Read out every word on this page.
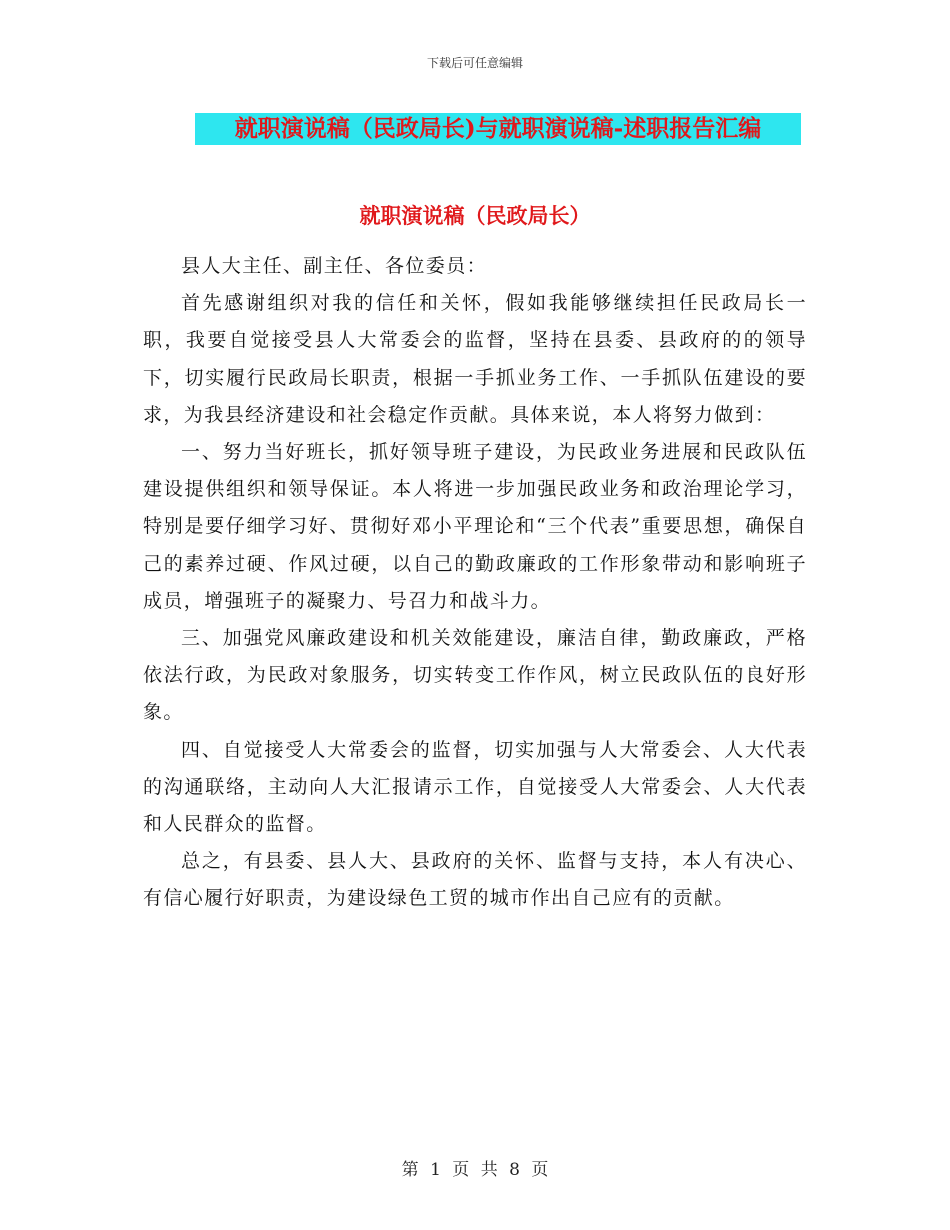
下载后可任意编辑
就职演说稿（民政局长)与就职演说稿-述职报告汇编
就职演说稿（民政局长）

县人大主任、副主任、各位委员：

首先感谢组织对我的信任和关怀，假如我能够继续担任民政局长一职，我要自觉接受县人大常委会的监督，坚持在县委、县政府的的领导下，切实履行民政局长职责，根据一手抓业务工作、一手抓队伍建设的要求，为我县经济建设和社会稳定作贡献。具体来说，本人将努力做到：

一、努力当好班长，抓好领导班子建设，为民政业务进展和民政队伍建设提供组织和领导保证。本人将进一步加强民政业务和政治理论学习，特别是要仔细学习好、贯彻好邓小平理论和“三个代表”重要思想，确保自己的素养过硬、作风过硬，以自己的勤政廉政的工作形象带动和影响班子成员，增强班子的凝聚力、号召力和战斗力。

三、加强党风廉政建设和机关效能建设，廉洁自律，勤政廉政，严格依法行政，为民政对象服务，切实转变工作作风，树立民政队伍的良好形象。

四、自觉接受人大常委会的监督，切实加强与人大常委会、人大代表的沟通联络，主动向人大汇报请示工作，自觉接受人大常委会、人大代表和人民群众的监督。

总之，有县委、县人大、县政府的关怀、监督与支持，本人有决心、有信心履行好职责，为建设绿色工贸的城市作出自己应有的贡献。

第 1 页 共 8 页
